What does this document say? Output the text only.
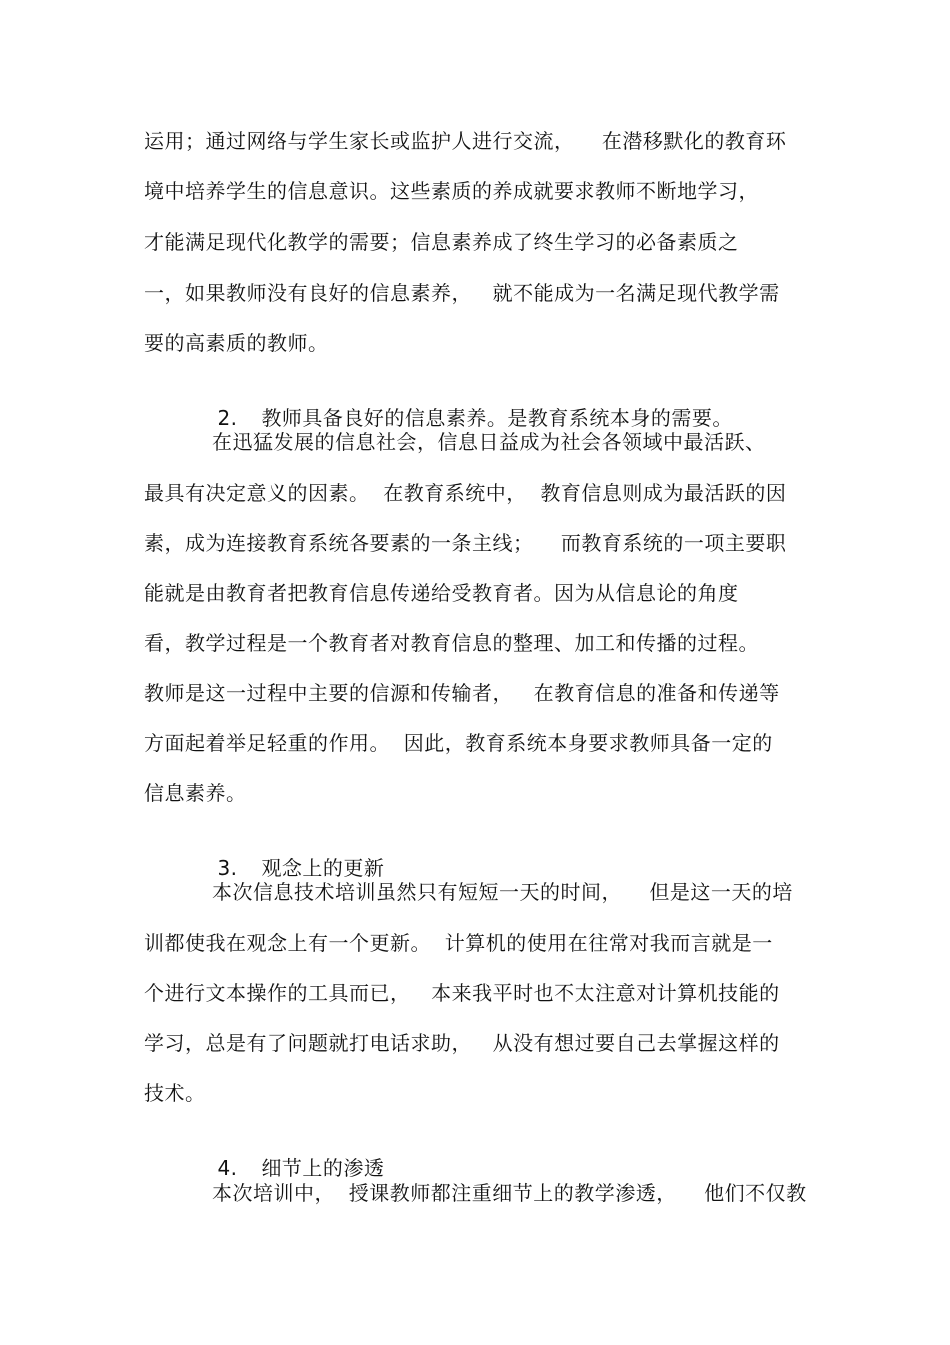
运用；通过网络与学生家长或监护人进行交流，    在潜移默化的教育环
境中培养学生的信息意识。这些素质的养成就要求教师不断地学习，
才能满足现代化教学的需要；信息素养成了终生学习的必备素质之
一，如果教师没有良好的信息素养，   就不能成为一名满足现代教学需
要的高素质的教师。

2. 教师具备良好的信息素养。是教育系统本身的需要。

在迅猛发展的信息社会，信息日益成为社会各领域中最活跃、
最具有决定意义的因素。  在教育系统中，  教育信息则成为最活跃的因
素，成为连接教育系统各要素的一条主线；    而教育系统的一项主要职
能就是由教育者把教育信息传递给受教育者。因为从信息论的角度
看，教学过程是一个教育者对教育信息的整理、加工和传播的过程。
教师是这一过程中主要的信源和传输者，   在教育信息的准备和传递等
方面起着举足轻重的作用。  因此，教育系统本身要求教师具备一定的
信息素养。

3. 观念上的更新

本次信息技术培训虽然只有短短一天的时间，    但是这一天的培
训都使我在观念上有一个更新。  计算机的使用在往常对我而言就是一
个进行文本操作的工具而已，   本来我平时也不太注意对计算机技能的
学习，总是有了问题就打电话求助，   从没有想过要自己去掌握这样的
技术。

4. 细节上的渗透

本次培训中，  授课教师都注重细节上的教学渗透，    他们不仅教
